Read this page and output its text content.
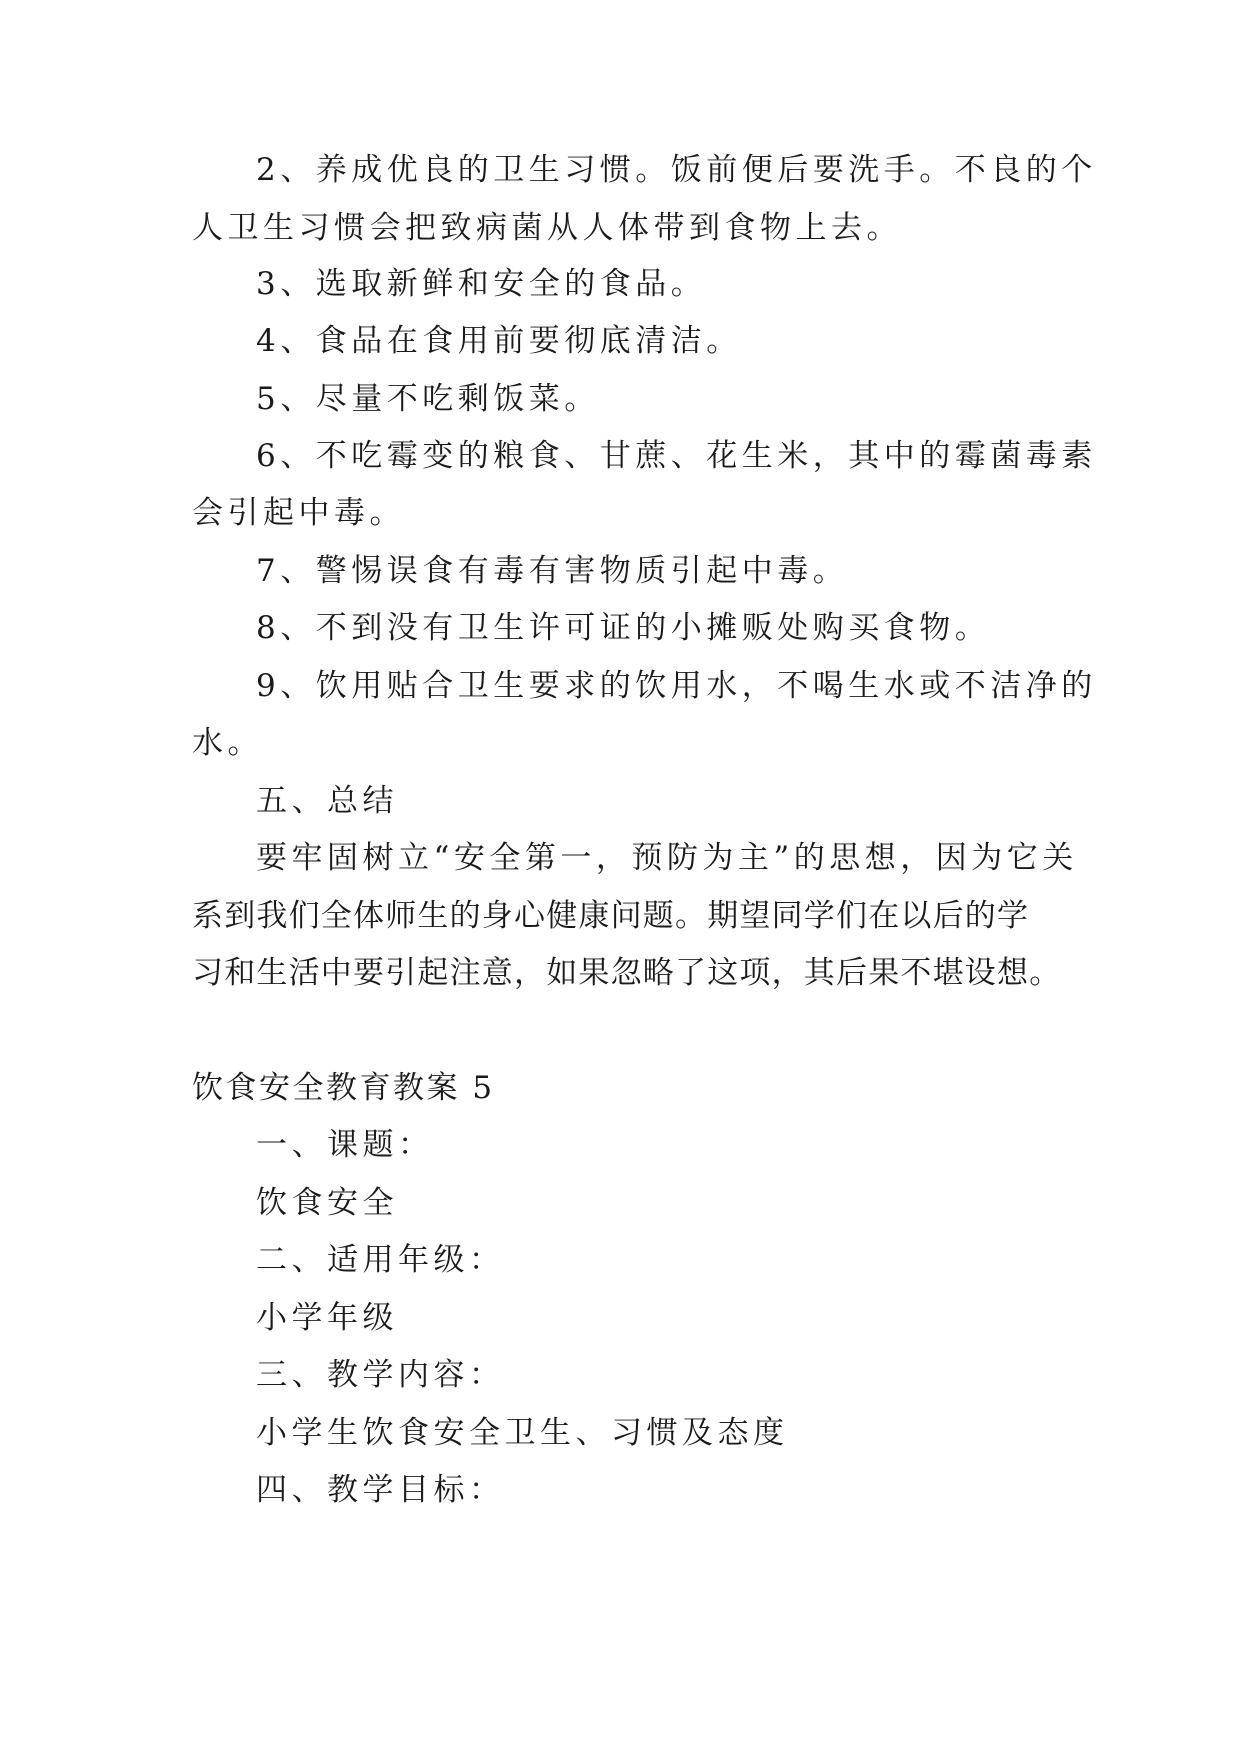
2、养成优良的卫生习惯。饭前便后要洗手。不良的个
人卫生习惯会把致病菌从人体带到食物上去。
3、选取新鲜和安全的食品。
4、食品在食用前要彻底清洁。
5、尽量不吃剩饭菜。
6、不吃霉变的粮食、甘蔗、花生米，其中的霉菌毒素
会引起中毒。
7、警惕误食有毒有害物质引起中毒。
8、不到没有卫生许可证的小摊贩处购买食物。
9、饮用贴合卫生要求的饮用水，不喝生水或不洁净的
水。
五、总结
要牢固树立“安全第一，预防为主”的思想，因为它关
系到我们全体师生的身心健康问题。期望同学们在以后的学
习和生活中要引起注意，如果忽略了这项，其后果不堪设想。
饮食安全教育教案 5
一、课题：
饮食安全
二、适用年级：
小学年级
三、教学内容：
小学生饮食安全卫生、习惯及态度
四、教学目标：
